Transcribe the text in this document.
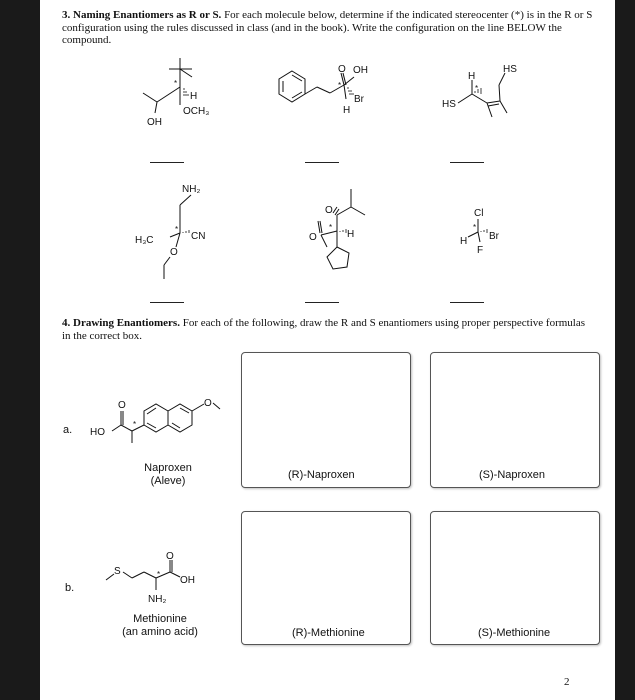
3. Naming Enantiomers as R or S. For each molecule below, determine if the indicated stereocenter (*) is in the R or S configuration using the rules discussed in class (and in the book). Write the configuration on the line BELOW the compound.
*
H
OCH₃
OH
*
O OH
Br
H
*
H
HS
HS
NH₂
*
H₃C	CN
O
*
O
O	H
Cl
*
H Br
F
4. Drawing Enantiomers. For each of the following, draw the R and S enantiomers using proper perspective formulas in the correct box.
a.
O
HO
*
O
Naproxen
(Aleve)	(R)-Naproxen	(S)-Naproxen
b.
S
O
OH
*
NH₂
Methionine
(an amino acid)	(R)-Methionine	(S)-Methionine
2
